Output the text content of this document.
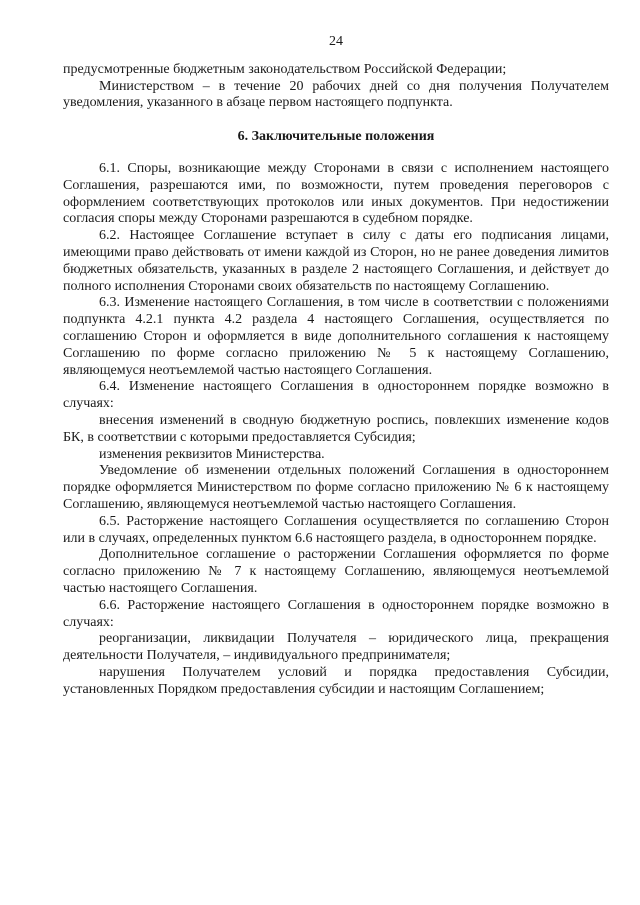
24

предусмотренные бюджетным законодательством Российской Федерации;

Министерством – в течение 20 рабочих дней со дня получения Получателем уведомления, указанного в абзаце первом настоящего подпункта.

6. Заключительные положения

6.1. Споры, возникающие между Сторонами в связи с исполнением настоящего Соглашения, разрешаются ими, по возможности, путем проведения переговоров с оформлением соответствующих протоколов или иных документов. При недостижении согласия споры между Сторонами разрешаются в судебном порядке.

6.2. Настоящее Соглашение вступает в силу с даты его подписания лицами, имеющими право действовать от имени каждой из Сторон, но не ранее доведения лимитов бюджетных обязательств, указанных в разделе 2 настоящего Соглашения, и действует до полного исполнения Сторонами своих обязательств по настоящему Соглашению.

6.3. Изменение настоящего Соглашения, в том числе в соответствии с положениями подпункта 4.2.1 пункта 4.2 раздела 4 настоящего Соглашения, осуществляется по соглашению Сторон и оформляется в виде дополнительного соглашения к настоящему Соглашению по форме согласно приложению № 5 к настоящему Соглашению, являющемуся неотъемлемой частью настоящего Соглашения.

6.4. Изменение настоящего Соглашения в одностороннем порядке возможно в случаях:

внесения изменений в сводную бюджетную роспись, повлекших изменение кодов БК, в соответствии с которыми предоставляется Субсидия;

изменения реквизитов Министерства.

Уведомление об изменении отдельных положений Соглашения в одностороннем порядке оформляется Министерством по форме согласно приложению № 6 к настоящему Соглашению, являющемуся неотъемлемой частью настоящего Соглашения.

6.5. Расторжение настоящего Соглашения осуществляется по соглашению Сторон или в случаях, определенных пунктом 6.6 настоящего раздела, в одностороннем порядке.

Дополнительное соглашение о расторжении Соглашения оформляется по форме согласно приложению № 7 к настоящему Соглашению, являющемуся неотъемлемой частью настоящего Соглашения.

6.6. Расторжение настоящего Соглашения в одностороннем порядке возможно в случаях:

реорганизации, ликвидации Получателя – юридического лица, прекращения деятельности Получателя, – индивидуального предпринимателя;

нарушения Получателем условий и порядка предоставления Субсидии, установленных Порядком предоставления субсидии и настоящим Соглашением;
